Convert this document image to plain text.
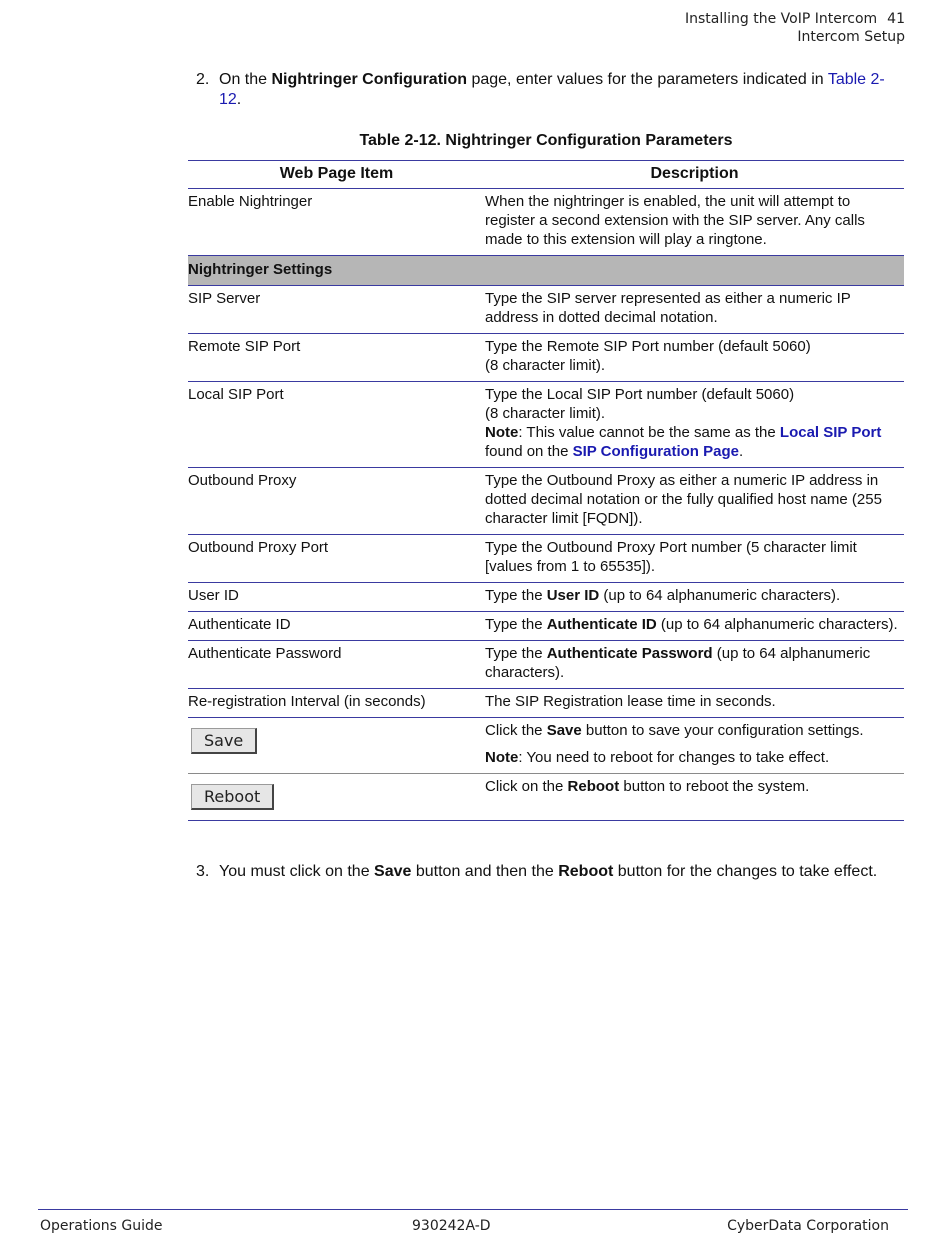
Installing the VoIP Intercom 41
Intercom Setup
2. On the Nightringer Configuration page, enter values for the parameters indicated in Table 2-12.
Table 2-12. Nightringer Configuration Parameters
Web Page Item	Description
Enable Nightringer	When the nightringer is enabled, the unit will attempt to register a second extension with the SIP server. Any calls made to this extension will play a ringtone.
Nightringer Settings	
SIP Server	Type the SIP server represented as either a numeric IP address in dotted decimal notation.
Remote SIP Port	Type the Remote SIP Port number (default 5060)
(8 character limit).

Local SIP Port	Type the Local SIP Port number (default 5060)
(8 character limit).
Note: This value cannot be the same as the Local SIP Port found on the SIP Configuration Page.

Outbound Proxy	Type the Outbound Proxy as either a numeric IP address in dotted decimal notation or the fully qualified host name (255 character limit [FQDN]).
Outbound Proxy Port	Type the Outbound Proxy Port number (5 character limit [values from 1 to 65535]).
User ID	Type the User ID (up to 64 alphanumeric characters).
Authenticate ID	Type the Authenticate ID (up to 64 alphanumeric characters).
Authenticate Password	Type the Authenticate Password (up to 64 alphanumeric characters).
Re-registration Interval (in seconds)	The SIP Registration lease time in seconds.
Save	Click the Save button to save your configuration settings.
Note: You need to reboot for changes to take effect.

Reboot	Click on the Reboot button to reboot the system.
3. You must click on the Save button and then the Reboot button for the changes to take effect.
Operations Guide	930242A-D	CyberData Corporation
